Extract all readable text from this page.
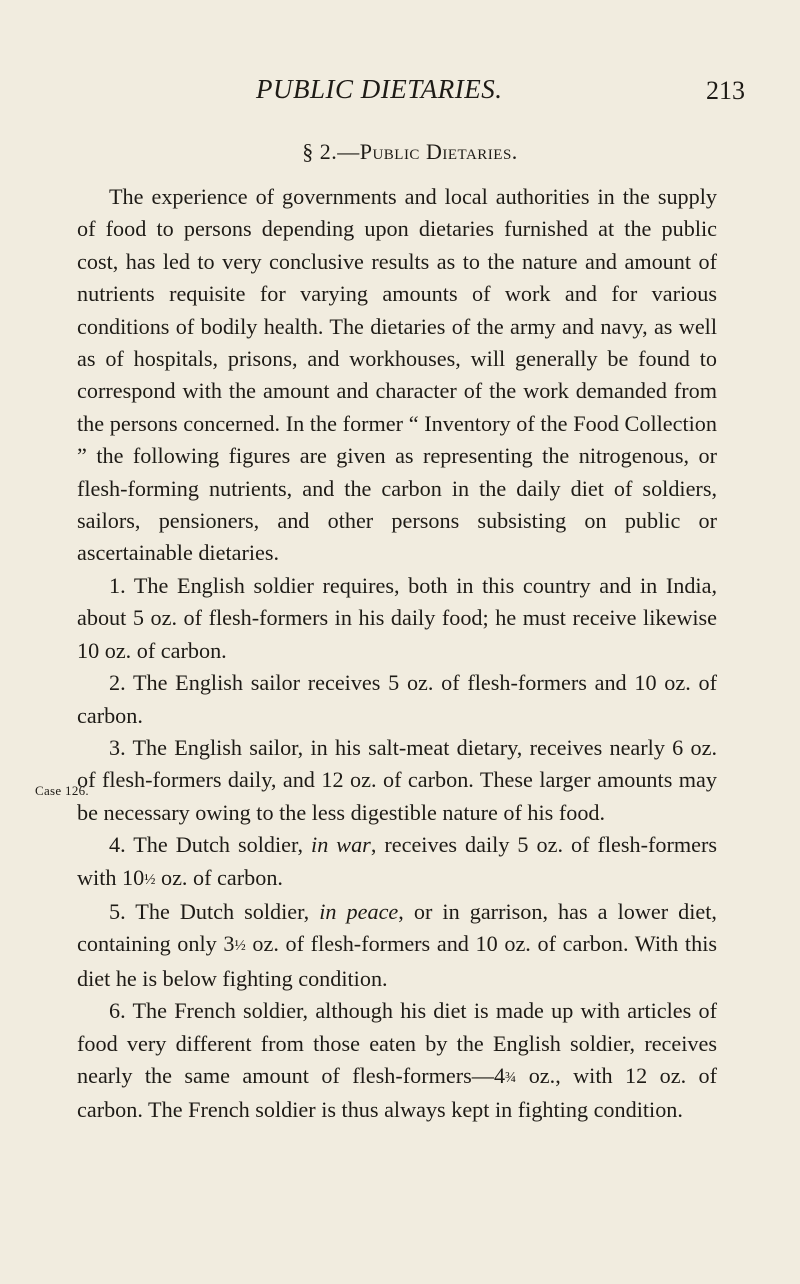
PUBLIC DIETARIES.	213
§ 2.—Public Dietaries.
Case 126.

The experience of governments and local authorities in the supply of food to persons depending upon dietaries furnished at the public cost, has led to very conclusive results as to the nature and amount of nutrients requisite for varying amounts of work and for various conditions of bodily health. The dietaries of the army and navy, as well as of hospitals, prisons, and workhouses, will generally be found to correspond with the amount and character of the work demanded from the persons concerned. In the former “ Inventory of the Food Collection ” the following figures are given as representing the nitrogenous, or flesh-forming nutrients, and the carbon in the daily diet of soldiers, sailors, pensioners, and other persons subsisting on public or ascertainable dietaries.

1. The English soldier requires, both in this country and in India, about 5 oz. of flesh-formers in his daily food; he must receive likewise 10 oz. of carbon.

2. The English sailor receives 5 oz. of flesh-formers and 10 oz. of carbon.

3. The English sailor, in his salt-meat dietary, receives nearly 6 oz. of flesh-formers daily, and 12 oz. of carbon. These larger amounts may be necessary owing to the less digestible nature of his food.

4. The Dutch soldier, in war, receives daily 5 oz. of flesh-formers with 10½ oz. of carbon.

5. The Dutch soldier, in peace, or in garrison, has a lower diet, containing only 3½ oz. of flesh-formers and 10 oz. of carbon. With this diet he is below fighting condition.

6. The French soldier, although his diet is made up with articles of food very different from those eaten by the English soldier, receives nearly the same amount of flesh-formers—4¾ oz., with 12 oz. of carbon. The French soldier is thus always kept in fighting condition.
